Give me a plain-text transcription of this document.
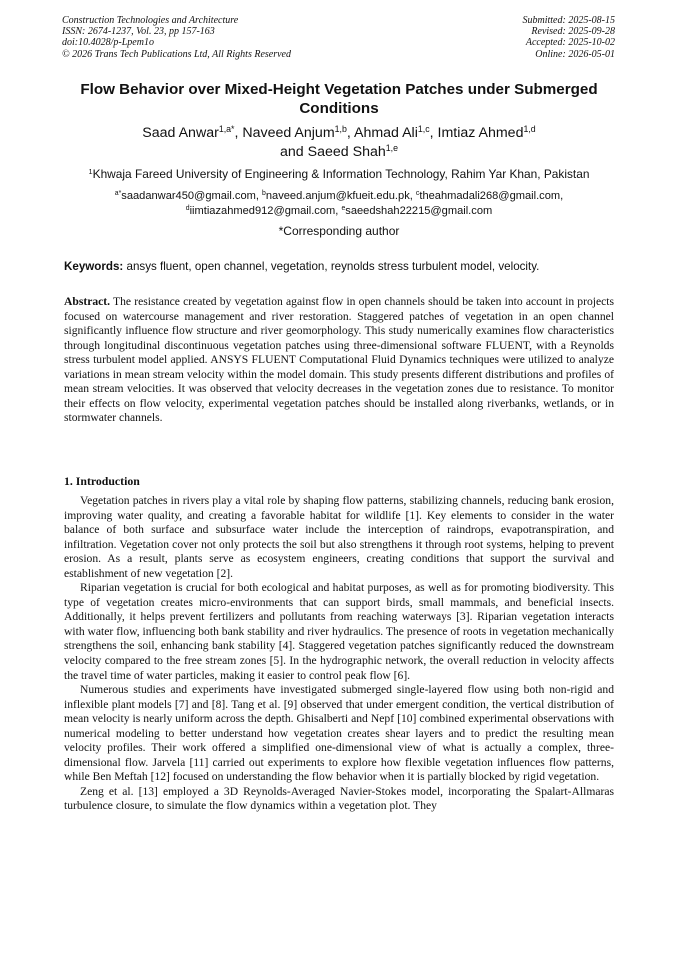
Construction Technologies and Architecture
ISSN: 2674-1237, Vol. 23, pp 157-163
doi:10.4028/p-Lpem1o
© 2026 Trans Tech Publications Ltd, All Rights Reserved
Submitted: 2025-08-15
Revised: 2025-09-28
Accepted: 2025-10-02
Online: 2026-05-01
Flow Behavior over Mixed-Height Vegetation Patches under Submerged Conditions
Saad Anwar$^{1,a*}$, Naveed Anjum$^{1,b}$, Ahmad Ali$^{1,c}$, Imtiaz Ahmed$^{1,d}$
and Saeed Shah$^{1,e}$
$^1$Khwaja Fareed University of Engineering & Information Technology, Rahim Yar Khan, Pakistan
$^{a*}$saadanwar450@gmail.com, $^b$naveed.anjum@kfueit.edu.pk, $^c$theahmadali268@gmail.com,
$^d$iimtiazahmed912@gmail.com, $^e$saeedshah22215@gmail.com
*Corresponding author
Keywords: ansys fluent, open channel, vegetation, reynolds stress turbulent model, velocity.
Abstract. The resistance created by vegetation against flow in open channels should be taken into account in projects focused on watercourse management and river restoration. Staggered patches of vegetation in an open channel significantly influence flow structure and river geomorphology. This study numerically examines flow characteristics through longitudinal discontinuous vegetation patches using three-dimensional software FLUENT, with a Reynolds stress turbulent model applied. ANSYS FLUENT Computational Fluid Dynamics techniques were utilized to analyze variations in mean stream velocity within the model domain. This study presents different distributions and profiles of mean stream velocities. It was observed that velocity decreases in the vegetation zones due to resistance. To monitor their effects on flow velocity, experimental vegetation patches should be installed along riverbanks, wetlands, or in stormwater channels.
1. Introduction

Vegetation patches in rivers play a vital role by shaping flow patterns, stabilizing channels, reducing bank erosion, improving water quality, and creating a favorable habitat for wildlife [1]. Key elements to consider in the water balance of both surface and subsurface water include the interception of raindrops, evapotranspiration, and infiltration. Vegetation cover not only protects the soil but also strengthens it through root systems, helping to prevent erosion. As a result, plants serve as ecosystem engineers, creating conditions that support the survival and establishment of new vegetation [2].

Riparian vegetation is crucial for both ecological and habitat purposes, as well as for promoting biodiversity. This type of vegetation creates micro-environments that can support birds, small mammals, and beneficial insects. Additionally, it helps prevent fertilizers and pollutants from reaching waterways [3]. Riparian vegetation interacts with water flow, influencing both bank stability and river hydraulics. The presence of roots in vegetation mechanically strengthens the soil, enhancing bank stability [4]. Staggered vegetation patches significantly reduced the downstream velocity compared to the free stream zones [5]. In the hydrographic network, the overall reduction in velocity affects the travel time of water particles, making it easier to control peak flow [6].

Numerous studies and experiments have investigated submerged single-layered flow using both non-rigid and inflexible plant models [7] and [8]. Tang et al. [9] observed that under emergent condition, the vertical distribution of mean velocity is nearly uniform across the depth. Ghisalberti and Nepf [10] combined experimental observations with numerical modeling to better understand how vegetation creates shear layers and to predict the resulting mean velocity profiles. Their work offered a simplified one-dimensional view of what is actually a complex, three-dimensional flow. Jarvela [11] carried out experiments to explore how flexible vegetation influences flow patterns, while Ben Meftah [12] focused on understanding the flow behavior when it is partially blocked by rigid vegetation.

Zeng et al. [13] employed a 3D Reynolds-Averaged Navier-Stokes model, incorporating the Spalart-Allmaras turbulence closure, to simulate the flow dynamics within a vegetation plot. They
